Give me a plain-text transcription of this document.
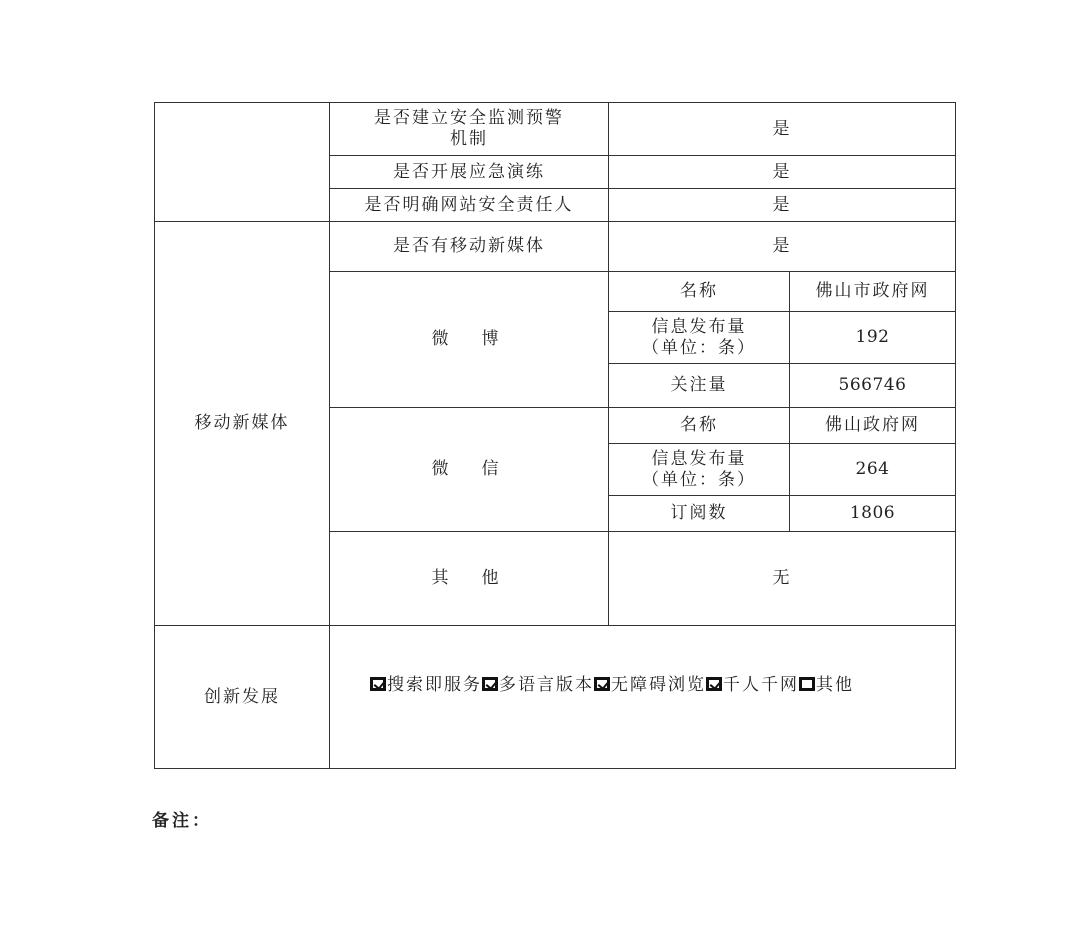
	是否建立安全监测预警
机制	是	
	是否开展应急演练	是	
	是否明确网站安全责任人	是	
移动新媒体	是否有移动新媒体	是	
	微　博	名称	佛山市政府网
		信息发布量
（单位：条）	192
		关注量	566746
	微　信	名称	佛山政府网
		信息发布量
（单位：条）	264
		订阅数	1806
	其　他	无	
创新发展	搜索即服务 多语言版本 无障碍浏览 千人千网 其他		
备注：
